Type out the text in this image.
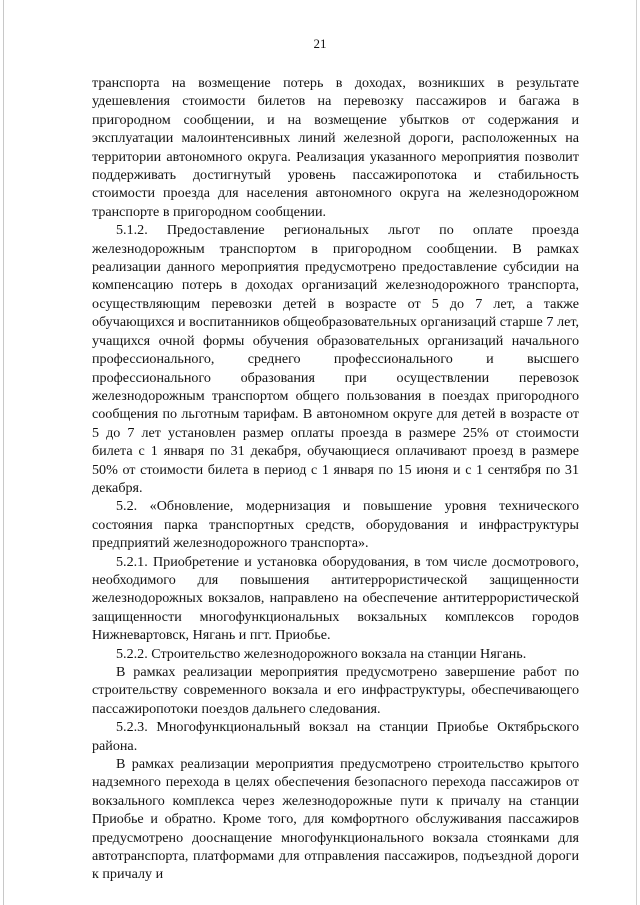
21

транспорта на возмещение потерь в доходах, возникших в результате удешевления стоимости билетов на перевозку пассажиров и багажа в пригородном сообщении, и на возмещение убытков от содержания и эксплуатации малоинтенсивных линий железной дороги, расположенных на территории автономного округа. Реализация указанного мероприятия позволит поддерживать достигнутый уровень пассажиропотока и стабильность стоимости проезда для населения автономного округа на железнодорожном транспорте в пригородном сообщении.

5.1.2. Предоставление региональных льгот по оплате проезда железнодорожным транспортом в пригородном сообщении. В рамках реализации данного мероприятия предусмотрено предоставление субсидии на компенсацию потерь в доходах организаций железнодорожного транспорта, осуществляющим перевозки детей в возрасте от 5 до 7 лет, а также обучающихся и воспитанников общеобразовательных организаций старше 7 лет, учащихся очной формы обучения образовательных организаций начального профессионального, среднего профессионального и высшего профессионального образования при осуществлении перевозок железнодорожным транспортом общего пользования в поездах пригородного сообщения по льготным тарифам. В автономном округе для детей в возрасте от 5 до 7 лет установлен размер оплаты проезда в размере 25% от стоимости билета с 1 января по 31 декабря, обучающиеся оплачивают проезд в размере 50% от стоимости билета в период с 1 января по 15 июня и с 1 сентября по 31 декабря.

5.2. «Обновление, модернизация и повышение уровня технического состояния парка транспортных средств, оборудования и инфраструктуры предприятий железнодорожного транспорта».

5.2.1. Приобретение и установка оборудования, в том числе досмотрового, необходимого для повышения антитеррористической защищенности железнодорожных вокзалов, направлено на обеспечение антитеррористической защищенности многофункциональных вокзальных комплексов городов Нижневартовск, Нягань и пгт. Приобье.

5.2.2. Строительство железнодорожного вокзала на станции Нягань.

В рамках реализации мероприятия предусмотрено завершение работ по строительству современного вокзала и его инфраструктуры, обеспечивающего пассажиропотоки поездов дальнего следования.

5.2.3. Многофункциональный вокзал на станции Приобье Октябрьского района.

В рамках реализации мероприятия предусмотрено строительство крытого надземного перехода в целях обеспечения безопасного перехода пассажиров от вокзального комплекса через железнодорожные пути к причалу на станции Приобье и обратно. Кроме того, для комфортного обслуживания пассажиров предусмотрено дооснащение многофункционального вокзала стоянками для автотранспорта, платформами для отправления пассажиров, подъездной дороги к причалу и
